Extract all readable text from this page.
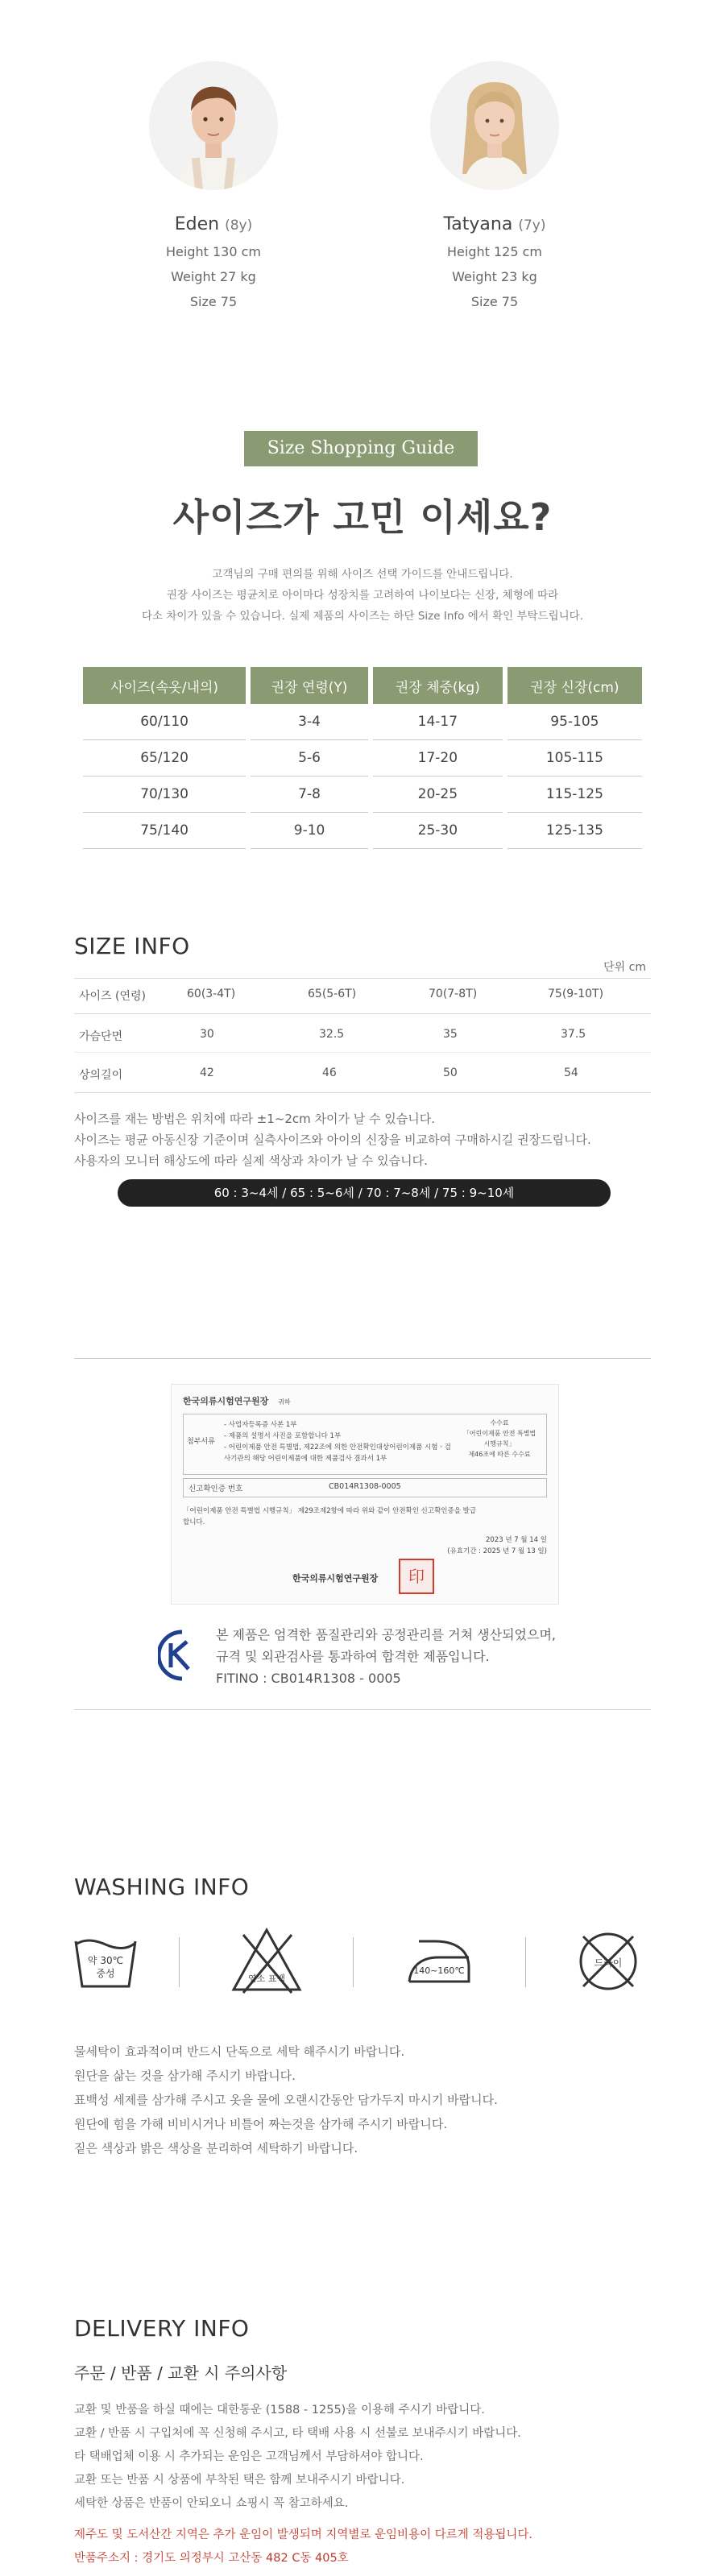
Eden (8y)
Height 130 cm
Weight 27 kg
Size 75
Tatyana (7y)
Height 125 cm
Weight 23 kg
Size 75
Size Shopping Guide
사이즈가 고민 이세요?
고객님의 구매 편의를 위해 사이즈 선택 가이드를 안내드립니다.
권장 사이즈는 평균치로 아이마다 성장치를 고려하여 나이보다는 신장, 체형에 따라
다소 차이가 있을 수 있습니다. 실제 제품의 사이즈는 하단 Size Info 에서 확인 부탁드립니다.
사이즈(속옷/내의)	권장 연령(Y)	권장 체중(kg)	권장 신장(cm)
60/110	3-4	14-17	95-105
65/120	5-6	17-20	105-115
70/130	7-8	20-25	115-125
75/140	9-10	25-30	125-135
SIZE INFO
단위 cm
사이즈 (연령)	60(3-4T)	65(5-6T)	70(7-8T)	75(9-10T)
가슴단면	30	32.5	35	37.5
상의길이	42	46	50	54
사이즈를 재는 방법은 위치에 따라 ±1~2cm 차이가 날 수 있습니다.
사이즈는 평균 아동신장 기준이며 실측사이즈와 아이의 신장을 비교하여 구매하시길 권장드립니다.
사용자의 모니터 해상도에 따라 실제 색상과 차이가 날 수 있습니다.
60 : 3~4세 / 65 : 5~6세 / 70 : 7~8세 / 75 : 9~10세
한국의류시험연구원장 귀하
첨부서류
- 사업자등록증 사본 1부
- 제품의 설명서 사진을 포함합니다 1부
- 어린이제품 안전 특별법, 제22조에 의한 안전확인대상어린이제품 시험ㆍ검
사기관의 해당 어린이제품에 대한 제품검사 결과서 1부
수수료
「어린이제품 안전 특별법
시행규칙」
제46조에 따른 수수료
신고확인증 번호	CB014R1308-0005
「어린이제품 안전 특별법 시행규칙」 제29조제2항에 따라 위와 같이 안전확인 신고확인증을 발급
합니다.
2023 년 7 월 14 일
(유효기간 : 2025 년 7 월 13 일)
한국의류시험연구원장	印
본 제품은 엄격한 품질관리와 공정관리를 거쳐 생산되었으며,
규격 및 외관검사를 통과하여 합격한 제품입니다.
FITINO : CB014R1308 - 0005
WASHING INFO
약 30℃
중성	염소 표백
140~160℃
드라이
물세탁이 효과적이며 반드시 단독으로 세탁 해주시기 바랍니다.
원단을 삶는 것을 삼가해 주시기 바랍니다.
표백성 세제를 삼가해 주시고 옷을 물에 오랜시간동안 담가두지 마시기 바랍니다.
원단에 힘을 가해 비비시거나 비틀어 짜는것을 삼가해 주시기 바랍니다.
짙은 색상과 밝은 색상을 분리하여 세탁하기 바랍니다.
DELIVERY INFO
주문 / 반품 / 교환 시 주의사항
교환 및 반품을 하실 때에는 대한통운 (1588 - 1255)을 이용해 주시기 바랍니다.
교환 / 반품 시 구입처에 꼭 신청해 주시고, 타 택배 사용 시 선불로 보내주시기 바랍니다.
타 택배업체 이용 시 추가되는 운임은 고객님께서 부담하셔야 합니다.
교환 또는 반품 시 상품에 부착된 택은 함께 보내주시기 바랍니다.
세탁한 상품은 반품이 안되오니 쇼핑시 꼭 참고하세요.
제주도 및 도서산간 지역은 추가 운임이 발생되며 지역별로 운임비용이 다르게 적용됩니다.
반품주소지 : 경기도 의정부시 고산동 482 C동 405호
